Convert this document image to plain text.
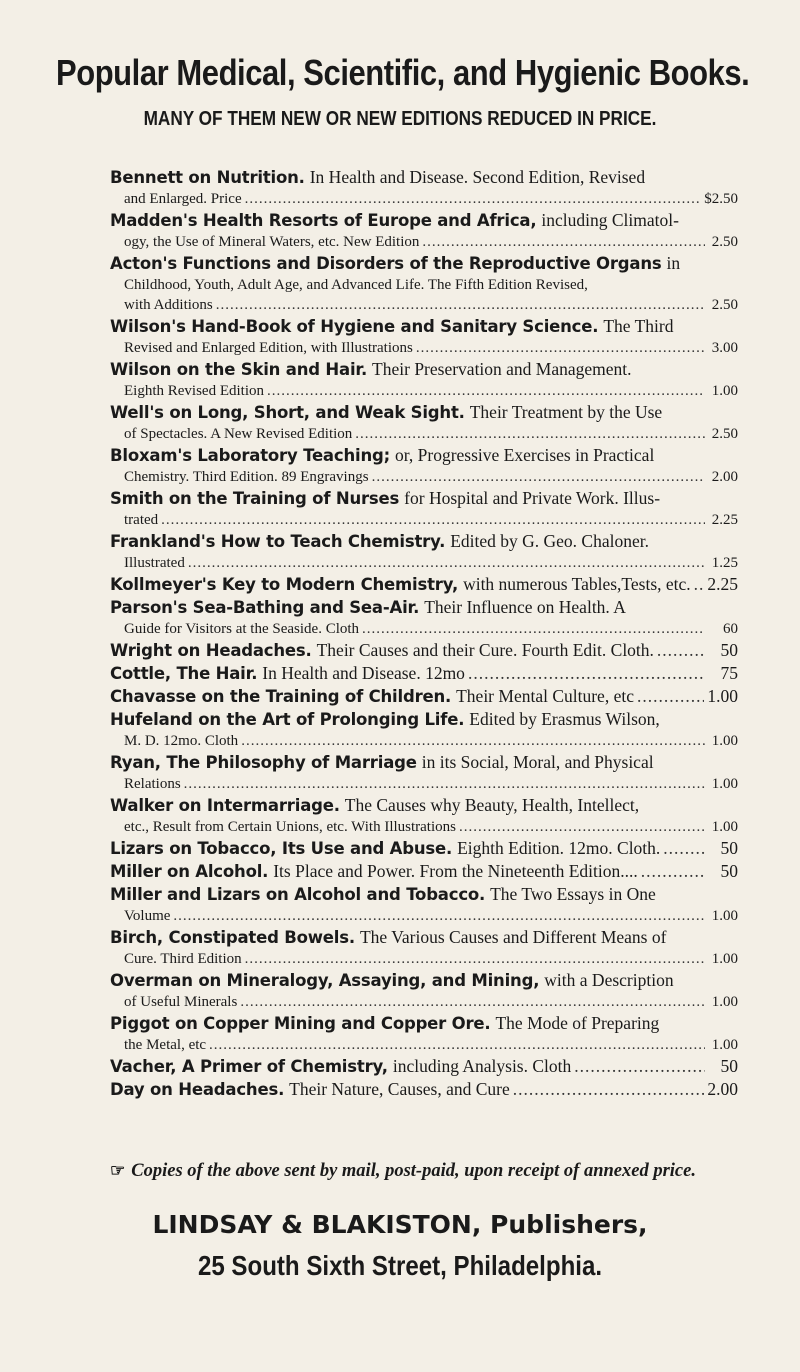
Popular Medical, Scientific, and Hygienic Books.
MANY OF THEM NEW OR NEW EDITIONS REDUCED IN PRICE.
Bennett on Nutrition. In Health and Disease. Second Edition, Revised
and Enlarged. Price .....	$2.50
Madden's Health Resorts of Europe and Africa, including Climatol-
ogy, the Use of Mineral Waters, etc. New Edition .....	2.50
Acton's Functions and Disorders of the Reproductive Organs in
Childhood, Youth, Adult Age, and Advanced Life. The Fifth Edition Revised,
with Additions .....	2.50
Wilson's Hand-Book of Hygiene and Sanitary Science. The Third
Revised and Enlarged Edition, with Illustrations .....	3.00
Wilson on the Skin and Hair. Their Preservation and Management.
Eighth Revised Edition .....	1.00
Well's on Long, Short, and Weak Sight. Their Treatment by the Use
of Spectacles. A New Revised Edition .....	2.50
Bloxam's Laboratory Teaching; or, Progressive Exercises in Practical
Chemistry. Third Edition. 89 Engravings .....	2.00
Smith on the Training of Nurses for Hospital and Private Work. Illus-
trated .....	2.25
Frankland's How to Teach Chemistry. Edited by G. Geo. Chaloner.
Illustrated .....	1.25
Kollmeyer's Key to Modern Chemistry, with numerous Tables,Tests, etc. ..... 2.25
Parson's Sea-Bathing and Sea-Air. Their Influence on Health. A
Guide for Visitors at the Seaside. Cloth .....	60
Wright on Headaches. Their Causes and their Cure. Fourth Edit. Cloth. .....	50
Cottle, The Hair. In Health and Disease. 12mo .....	75
Chavasse on the Training of Children. Their Mental Culture, etc .....	1.00
Hufeland on the Art of Prolonging Life. Edited by Erasmus Wilson,
M. D. 12mo. Cloth .....	1.00
Ryan, The Philosophy of Marriage in its Social, Moral, and Physical
Relations .....	1.00
Walker on Intermarriage. The Causes why Beauty, Health, Intellect,
etc., Result from Certain Unions, etc. With Illustrations .....	1.00
Lizars on Tobacco, Its Use and Abuse. Eighth Edition. 12mo. Cloth. .....	50
Miller on Alcohol. Its Place and Power. From the Nineteenth Edition.... .....	50
Miller and Lizars on Alcohol and Tobacco. The Two Essays in One
Volume .....	1.00
Birch, Constipated Bowels. The Various Causes and Different Means of
Cure. Third Edition .....	1.00
Overman on Mineralogy, Assaying, and Mining, with a Description
of Useful Minerals .....	1.00
Piggot on Copper Mining and Copper Ore. The Mode of Preparing
the Metal, etc .....	1.00
Vacher, A Primer of Chemistry, including Analysis. Cloth .....	50
Day on Headaches. Their Nature, Causes, and Cure .....	2.00
☞ Copies of the above sent by mail, post-paid, upon receipt of annexed price.
LINDSAY & BLAKISTON, Publishers,
25 South Sixth Street, Philadelphia.
